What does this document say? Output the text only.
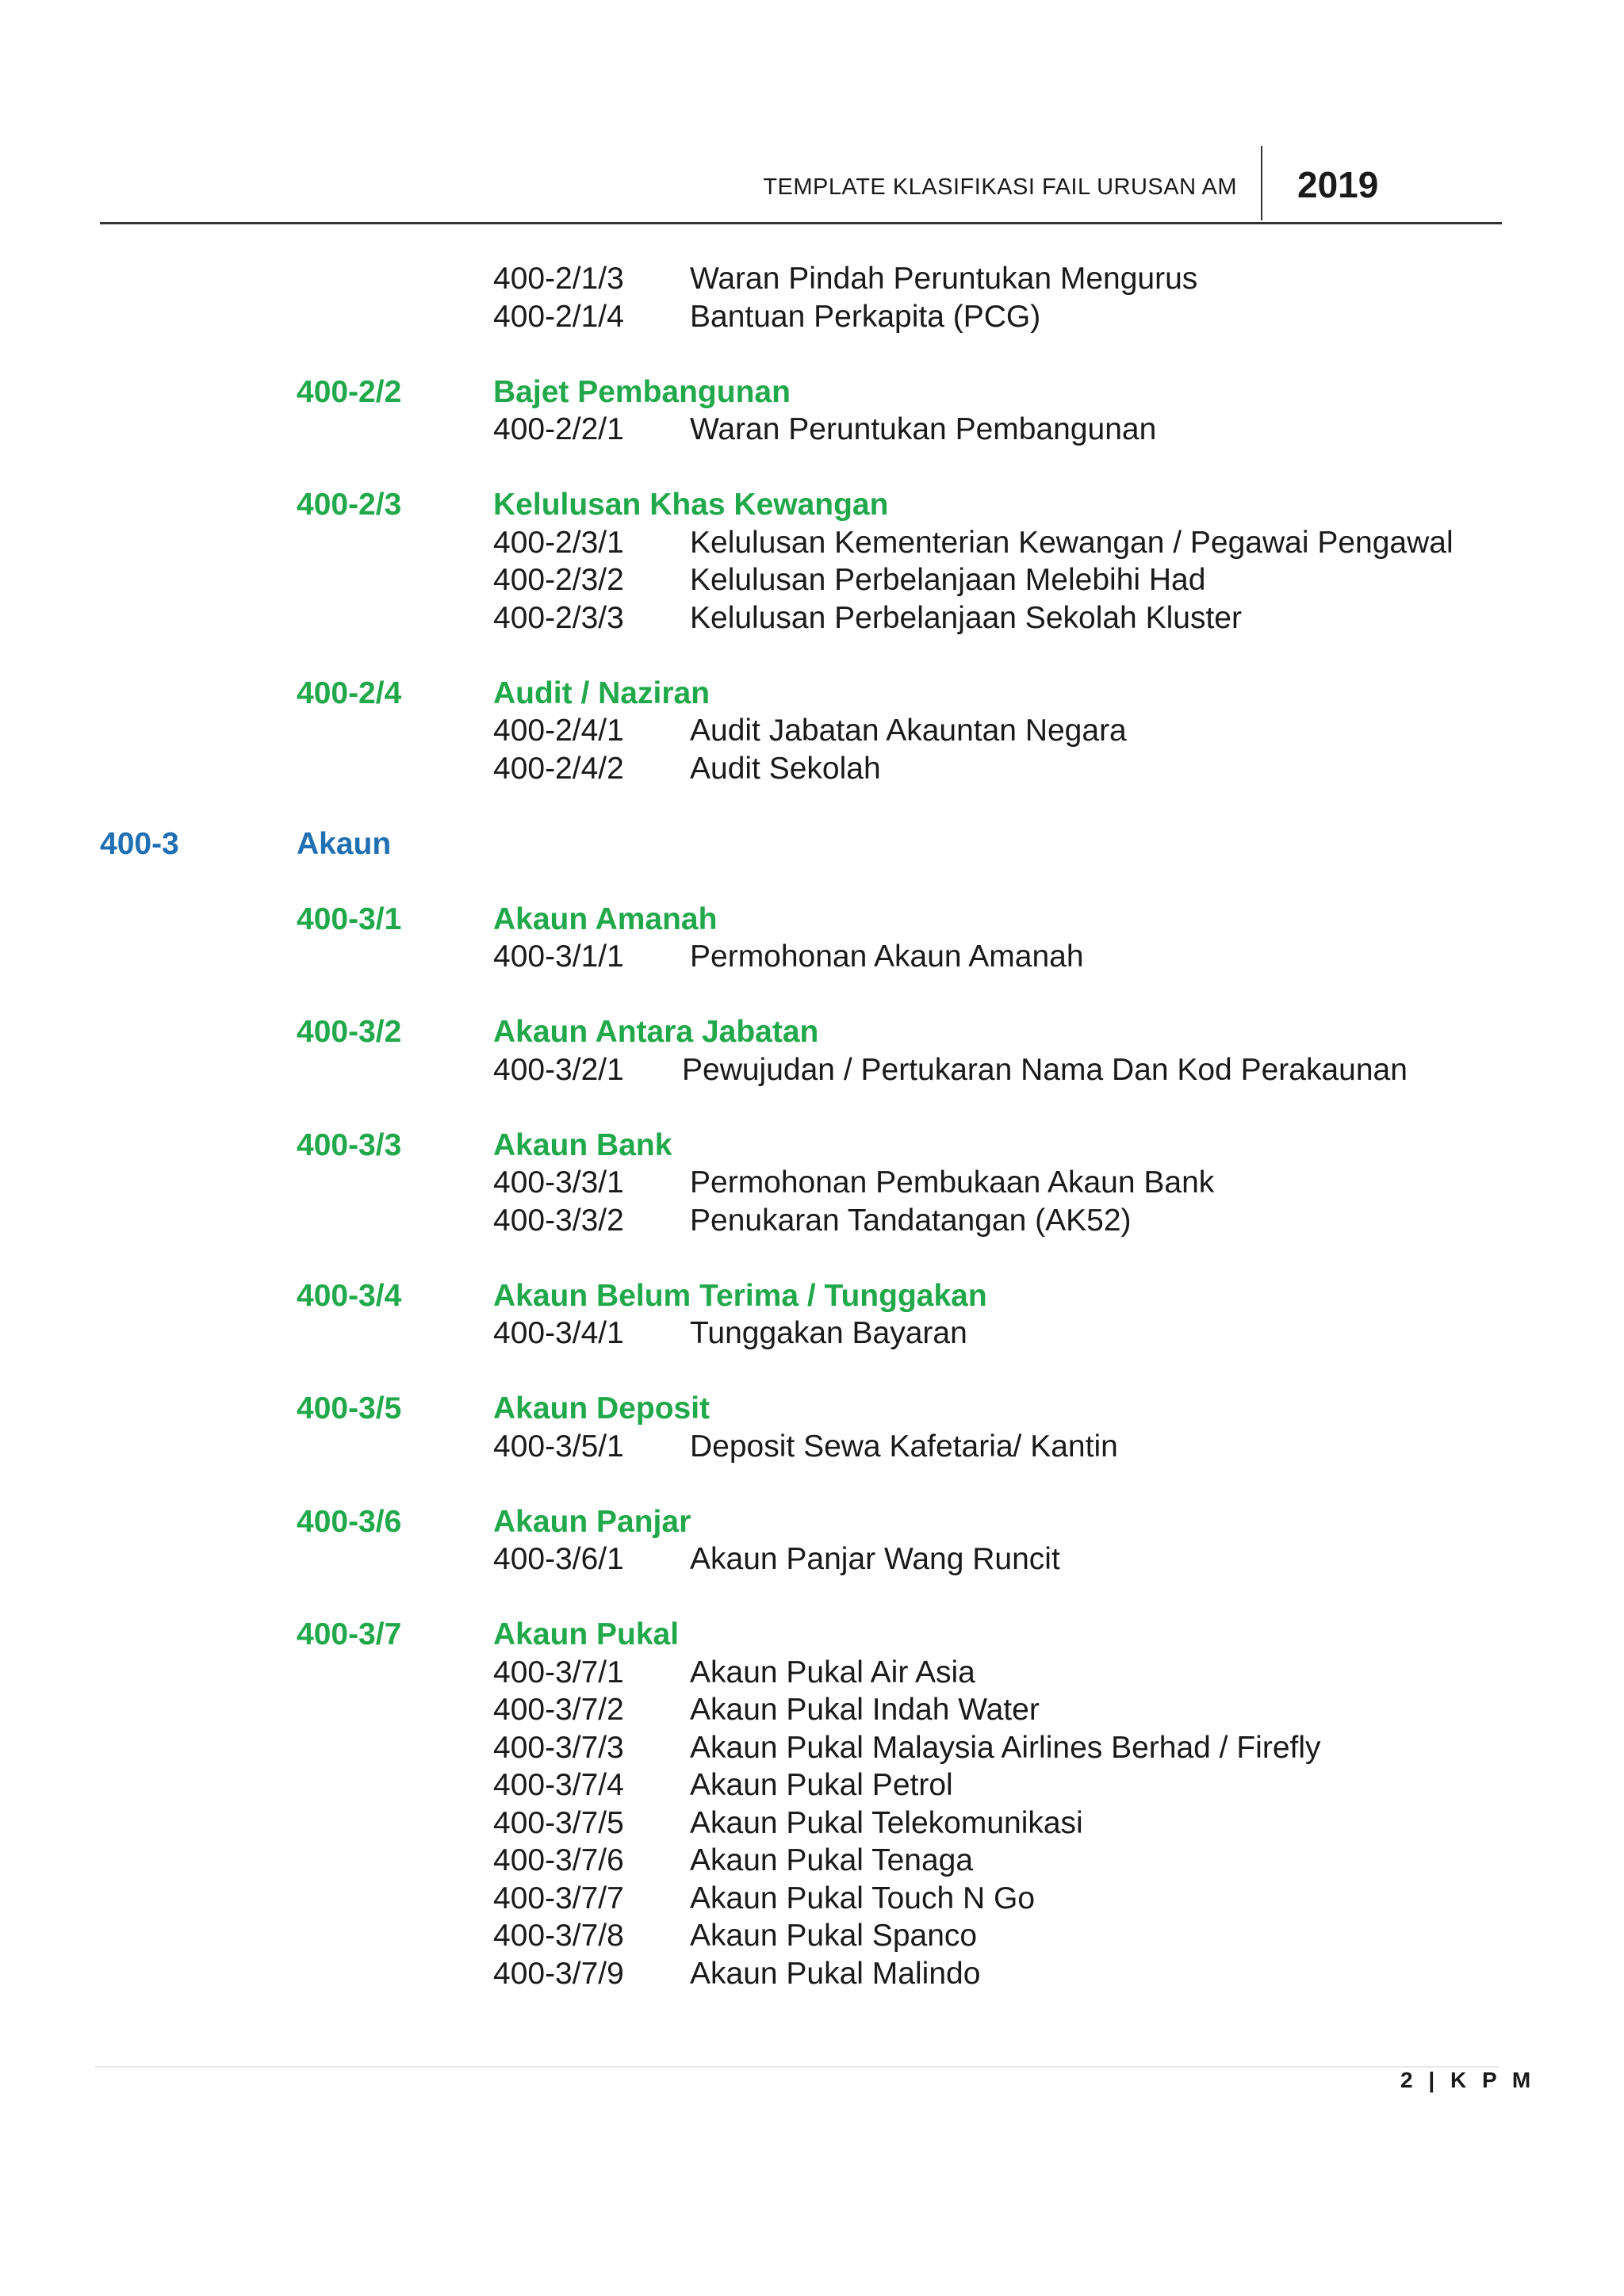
TEMPLATE KLASIFIKASI FAIL URUSAN AM 2019
400-2/1/3 Waran Pindah Peruntukan Mengurus
400-2/1/4 Bantuan Perkapita (PCG)
400-2/2	Bajet Pembangunan
400-2/2/1 Waran Peruntukan Pembangunan
400-2/3	Kelulusan Khas Kewangan
400-2/3/1 Kelulusan Kementerian Kewangan / Pegawai Pengawal
400-2/3/2 Kelulusan Perbelanjaan Melebihi Had
400-2/3/3 Kelulusan Perbelanjaan Sekolah Kluster
400-2/4	Audit / Naziran
400-2/4/1 Audit Jabatan Akauntan Negara
400-2/4/2 Audit Sekolah
400-3	Akaun
400-3/1	Akaun Amanah
400-3/1/1 Permohonan Akaun Amanah
400-3/2	Akaun Antara Jabatan
400-3/2/1 Pewujudan / Pertukaran Nama Dan Kod Perakaunan
400-3/3	Akaun Bank
400-3/3/1 Permohonan Pembukaan Akaun Bank
400-3/3/2 Penukaran Tandatangan (AK52)
400-3/4	Akaun Belum Terima / Tunggakan
400-3/4/1 Tunggakan Bayaran
400-3/5	Akaun Deposit
400-3/5/1 Deposit Sewa Kafetaria/ Kantin
400-3/6	Akaun Panjar
400-3/6/1 Akaun Panjar Wang Runcit
400-3/7	Akaun Pukal
400-3/7/1 Akaun Pukal Air Asia
400-3/7/2 Akaun Pukal Indah Water
400-3/7/3 Akaun Pukal Malaysia Airlines Berhad / Firefly
400-3/7/4 Akaun Pukal Petrol
400-3/7/5 Akaun Pukal Telekomunikasi
400-3/7/6 Akaun Pukal Tenaga
400-3/7/7 Akaun Pukal Touch N Go
400-3/7/8 Akaun Pukal Spanco
400-3/7/9 Akaun Pukal Malindo
2 | K P M
